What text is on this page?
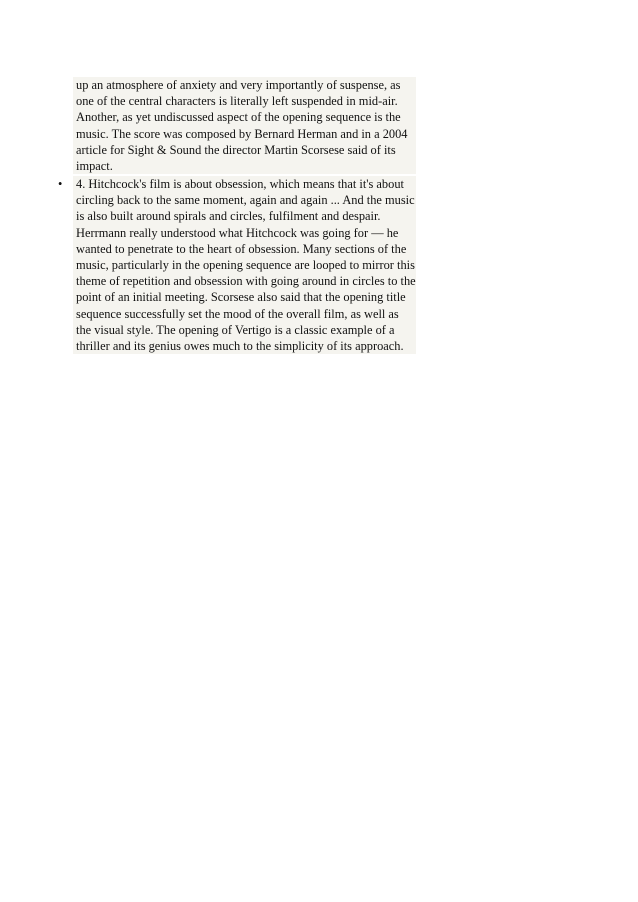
up an atmosphere of anxiety and very importantly of suspense, as
one of the central characters is literally left suspended in mid-air.
Another, as yet undiscussed aspect of the opening sequence is the
music. The score was composed by Bernard Herman and in a 2004
article for Sight & Sound the director Martin Scorsese said of its
impact.
• 4. Hitchcock's film is about obsession, which means that it's about
circling back to the same moment, again and again ... And the music
is also built around spirals and circles, fulfilment and despair.
Herrmann really understood what Hitchcock was going for — he
wanted to penetrate to the heart of obsession. Many sections of the
music, particularly in the opening sequence are looped to mirror this
theme of repetition and obsession with going around in circles to the
point of an initial meeting. Scorsese also said that the opening title
sequence successfully set the mood of the overall film, as well as
the visual style. The opening of Vertigo is a classic example of a
thriller and its genius owes much to the simplicity of its approach.
